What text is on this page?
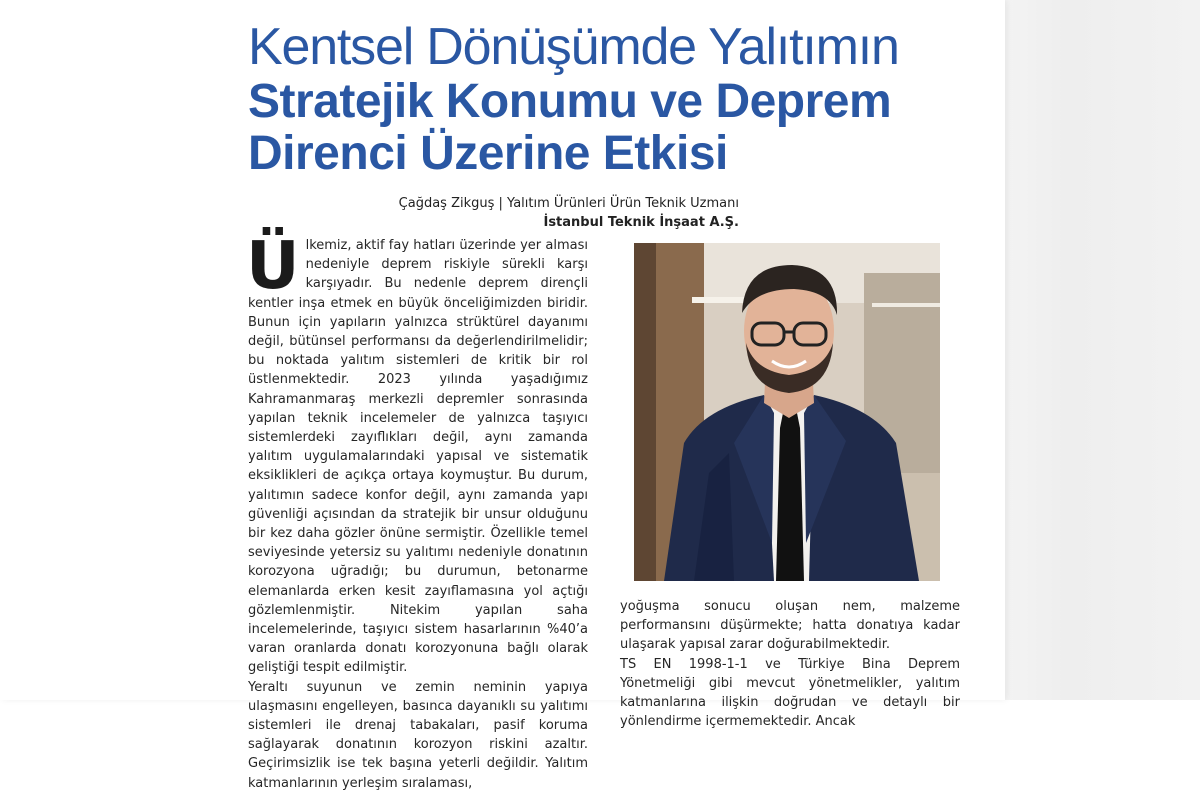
Kentsel Dönüşümde Yalıtımın
Stratejik Konumu ve Deprem
Direnci Üzerine Etkisi
Çağdaş Zikguş | Yalıtım Ürünleri Ürün Teknik Uzmanı
İstanbul Teknik İnşaat A.Ş.

Ü lkemiz, aktif fay hatları üzerinde yer alması nedeniyle deprem riskiyle sürekli karşı karşıyadır. Bu nedenle deprem dirençli kentler inşa etmek en büyük önceliğimizden biridir. Bunun için yapıların yalnızca strüktürel dayanımı değil, bütünsel performansı da değerlendirilmelidir; bu noktada yalıtım sistemleri de kritik bir rol üstlenmektedir. 2023 yılında yaşadığımız Kahramanmaraş merkezli depremler sonrasında yapılan teknik incelemeler de yalnızca taşıyıcı sistemlerdeki zayıflıkları değil, aynı zamanda yalıtım uygulamalarındaki yapısal ve sistematik eksiklikleri de açıkça ortaya koymuştur. Bu durum, yalıtımın sadece konfor değil, aynı zamanda yapı güvenliği açısından da stratejik bir unsur olduğunu bir kez daha gözler önüne sermiştir. Özellikle temel seviyesinde yetersiz su yalıtımı nedeniyle donatının korozyona uğradığı; bu durumun, betonarme elemanlarda erken kesit zayıflamasına yol açtığı gözlemlenmiştir. Nitekim yapılan saha incelemelerinde, taşıyıcı sistem hasarlarının %40’a varan oranlarda donatı korozyonuna bağlı olarak geliştiği tespit edilmiştir.

Yeraltı suyunun ve zemin neminin yapıya ulaşmasını engelleyen, basınca dayanıklı su yalıtımı sistemleri ile drenaj tabakaları, pasif koruma sağlayarak donatının korozyon riskini azaltır. Geçirimsizlik ise tek başına yeterli değildir. Yalıtım katmanlarının yerleşim sıralaması,

yoğuşma sonucu oluşan nem, malzeme performansını düşürmekte; hatta donatıya kadar ulaşarak yapısal zarar doğurabilmektedir.

TS EN 1998-1-1 ve Türkiye Bina Deprem Yönetmeliği gibi mevcut yönetmelikler, yalıtım katmanlarına ilişkin doğrudan ve detaylı bir yönlendirme içermemektedir. Ancak
